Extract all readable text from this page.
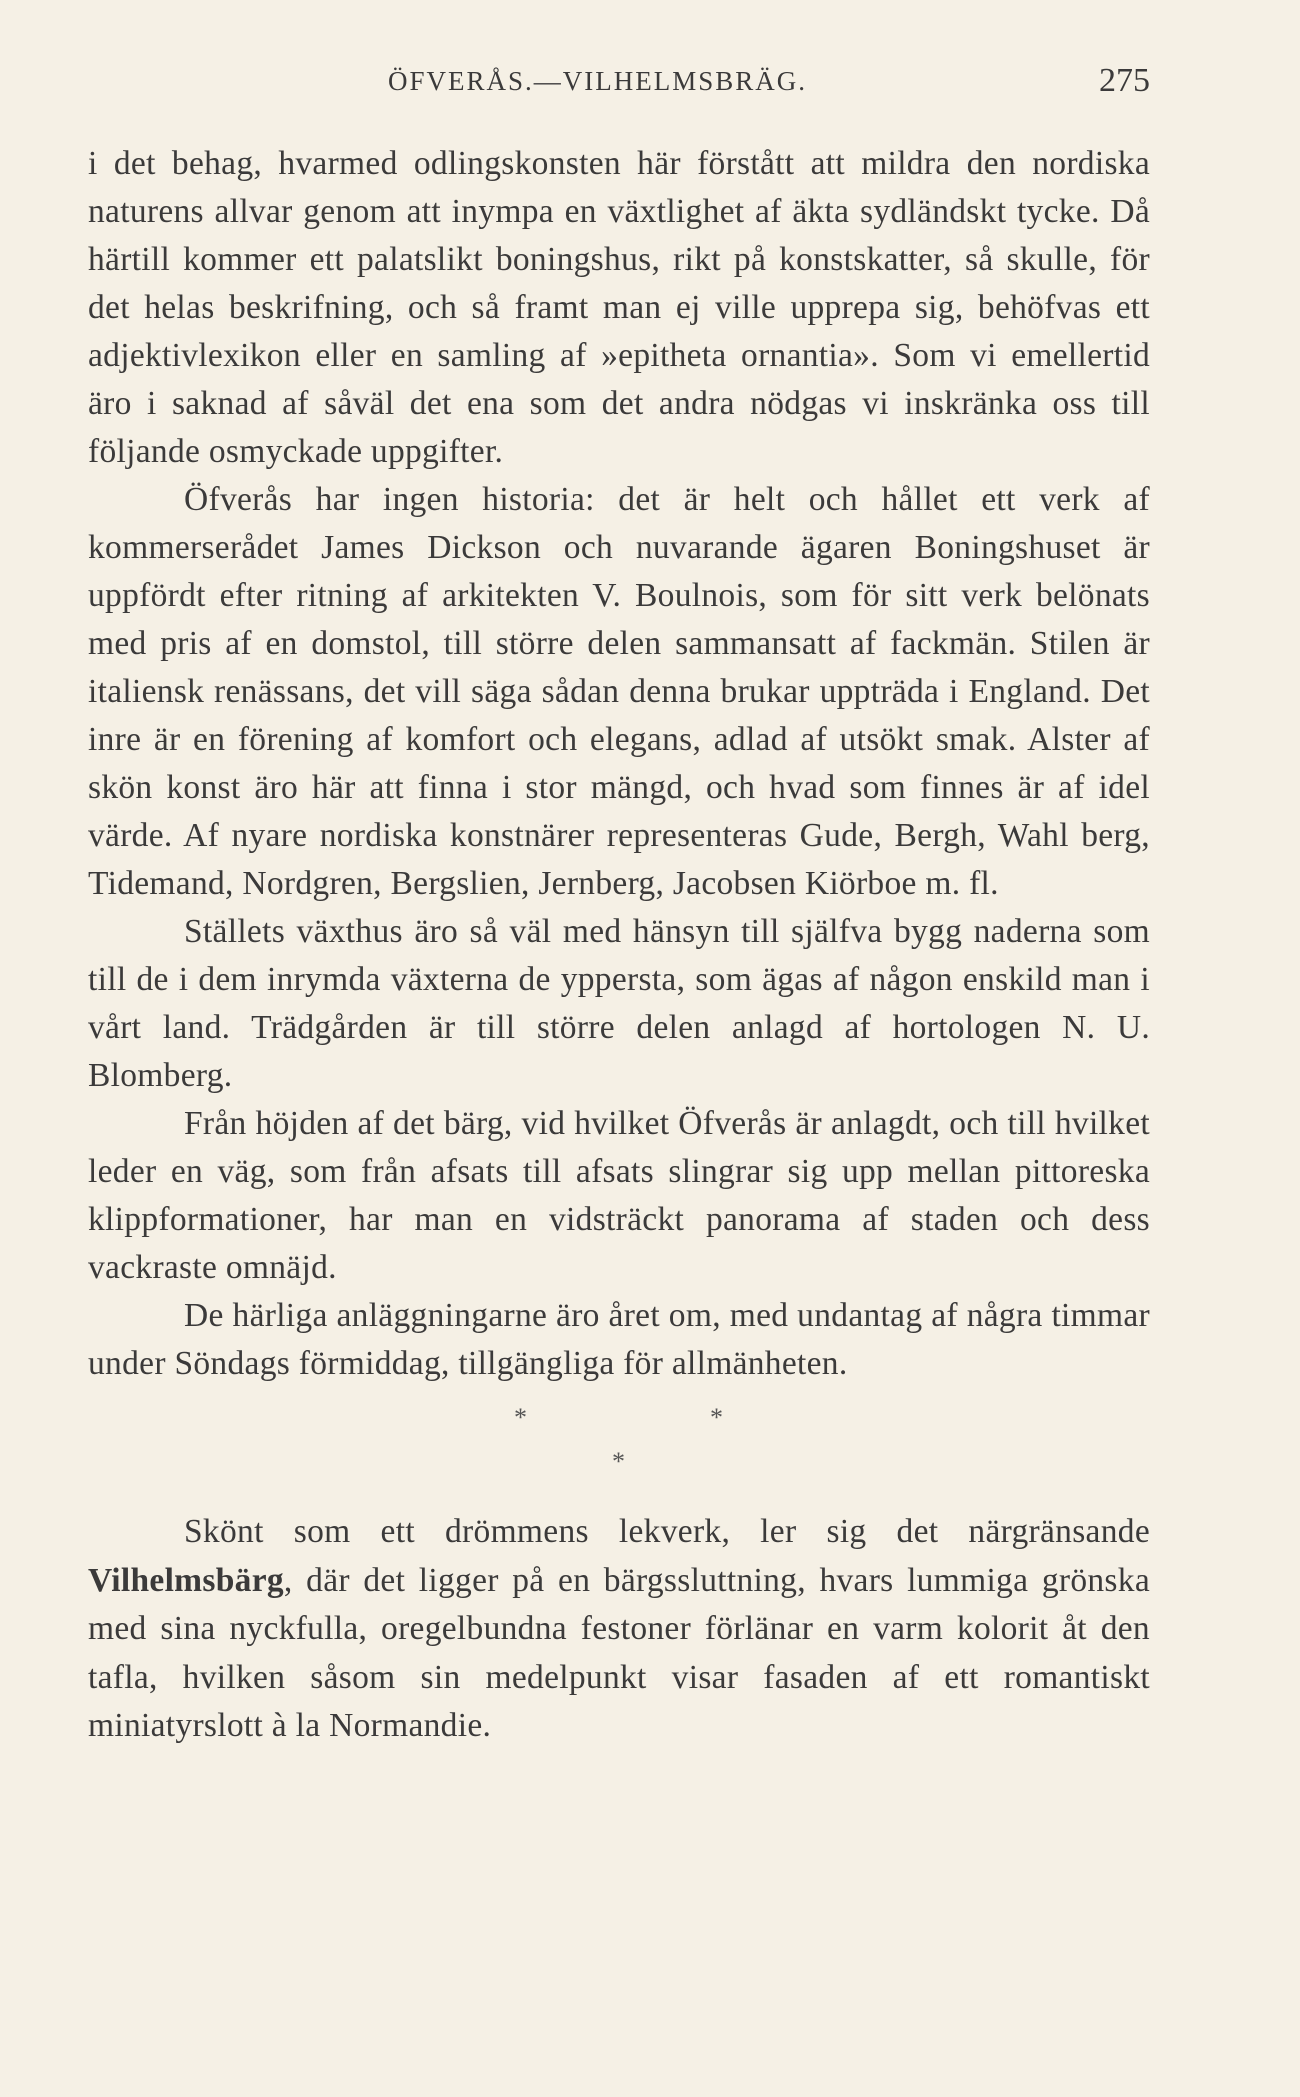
ÖFVERÅS.—VILHELMSBRÄG.	275

i det behag, hvarmed odlingskonsten här förstått att mildra den nordiska naturens allvar genom att inympa en växtlighet af äkta sydländskt tycke. Då härtill kommer ett palatslikt boningshus, rikt på konstskatter, så skulle, för det helas beskrifning, och så framt man ej ville upprepa sig, behöfvas ett adjektivlexikon eller en samling af »epitheta ornantia». Som vi emellertid äro i saknad af såväl det ena som det andra nödgas vi inskränka oss till följande osmyckade uppgifter.

Öfverås har ingen historia: det är helt och hållet ett verk af kommerserådet James Dickson och nuvarande ägaren Boningshuset är uppfördt efter ritning af arkitekten V. Boulnois, som för sitt verk belönats med pris af en domstol, till större delen sammansatt af fackmän. Stilen är italiensk renässans, det vill säga sådan denna brukar uppträda i England. Det inre är en förening af komfort och elegans, adlad af utsökt smak. Alster af skön konst äro här att finna i stor mängd, och hvad som finnes är af idel värde. Af nyare nordiska konstnärer representeras Gude, Bergh, Wahl berg, Tidemand, Nordgren, Bergslien, Jernberg, Jacobsen Kiörboe m. fl.

Ställets växthus äro så väl med hänsyn till själfva bygg naderna som till de i dem inrymda växterna de yppersta, som ägas af någon enskild man i vårt land. Trädgården är till större delen anlagd af hortologen N. U. Blomberg.

Från höjden af det bärg, vid hvilket Öfverås är anlagdt, och till hvilket leder en väg, som från afsats till afsats slingrar sig upp mellan pittoreska klippformationer, har man en vidsträckt panorama af staden och dess vackraste omnäjd.

De härliga anläggningarne äro året om, med undantag af några timmar under Söndags förmiddag, tillgängliga för allmänheten.

*	*
*

Skönt som ett drömmens lekverk, ler sig det närgränsande Vilhelmsbärg, där det ligger på en bärgssluttning, hvars lummiga grönska med sina nyckfulla, oregelbundna festoner förlänar en varm kolorit åt den tafla, hvilken såsom sin medelpunkt visar fasaden af ett romantiskt miniatyrslott à la Normandie.
